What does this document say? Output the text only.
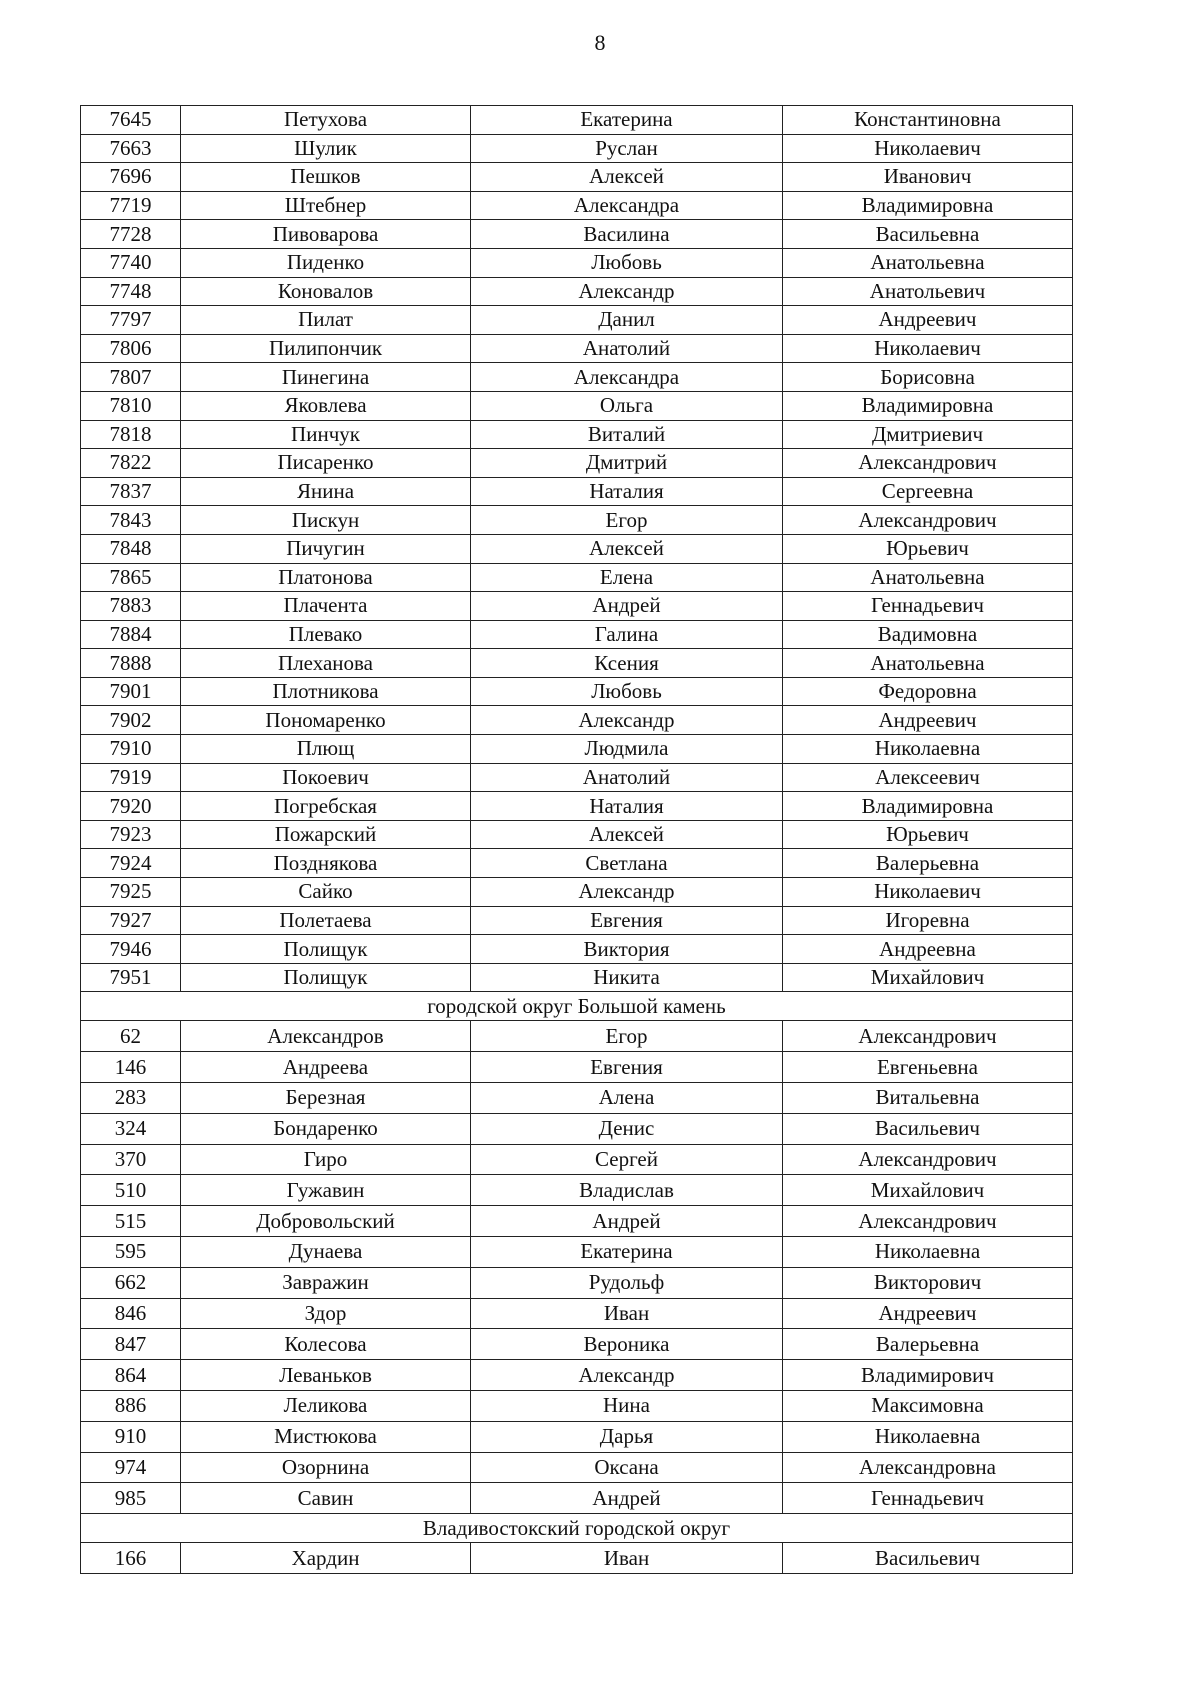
8
7645	Петухова	Екатерина	Константиновна
7663	Шулик	Руслан	Николаевич
7696	Пешков	Алексей	Иванович
7719	Штебнер	Александра	Владимировна
7728	Пивоварова	Василина	Васильевна
7740	Пиденко	Любовь	Анатольевна
7748	Коновалов	Александр	Анатольевич
7797	Пилат	Данил	Андреевич
7806	Пилипончик	Анатолий	Николаевич
7807	Пинегина	Александра	Борисовна
7810	Яковлева	Ольга	Владимировна
7818	Пинчук	Виталий	Дмитриевич
7822	Писаренко	Дмитрий	Александрович
7837	Янина	Наталия	Сергеевна
7843	Пискун	Егор	Александрович
7848	Пичугин	Алексей	Юрьевич
7865	Платонова	Елена	Анатольевна
7883	Плачента	Андрей	Геннадьевич
7884	Плевако	Галина	Вадимовна
7888	Плеханова	Ксения	Анатольевна
7901	Плотникова	Любовь	Федоровна
7902	Пономаренко	Александр	Андреевич
7910	Плющ	Людмила	Николаевна
7919	Покоевич	Анатолий	Алексеевич
7920	Погребская	Наталия	Владимировна
7923	Пожарский	Алексей	Юрьевич
7924	Позднякова	Светлана	Валерьевна
7925	Сайко	Александр	Николаевич
7927	Полетаева	Евгения	Игоревна
7946	Полищук	Виктория	Андреевна
7951	Полищук	Никита	Михайлович
городской округ Большой камень			
62	Александров	Егор	Александрович
146	Андреева	Евгения	Евгеньевна
283	Березная	Алена	Витальевна
324	Бондаренко	Денис	Васильевич
370	Гиро	Сергей	Александрович
510	Гужавин	Владислав	Михайлович
515	Добровольский	Андрей	Александрович
595	Дунаева	Екатерина	Николаевна
662	Завражин	Рудольф	Викторович
846	Здор	Иван	Андреевич
847	Колесова	Вероника	Валерьевна
864	Леваньков	Александр	Владимирович
886	Леликова	Нина	Максимовна
910	Мистюкова	Дарья	Николаевна
974	Озорнина	Оксана	Александровна
985	Савин	Андрей	Геннадьевич
Владивостокский городской округ			
166	Хардин	Иван	Васильевич
